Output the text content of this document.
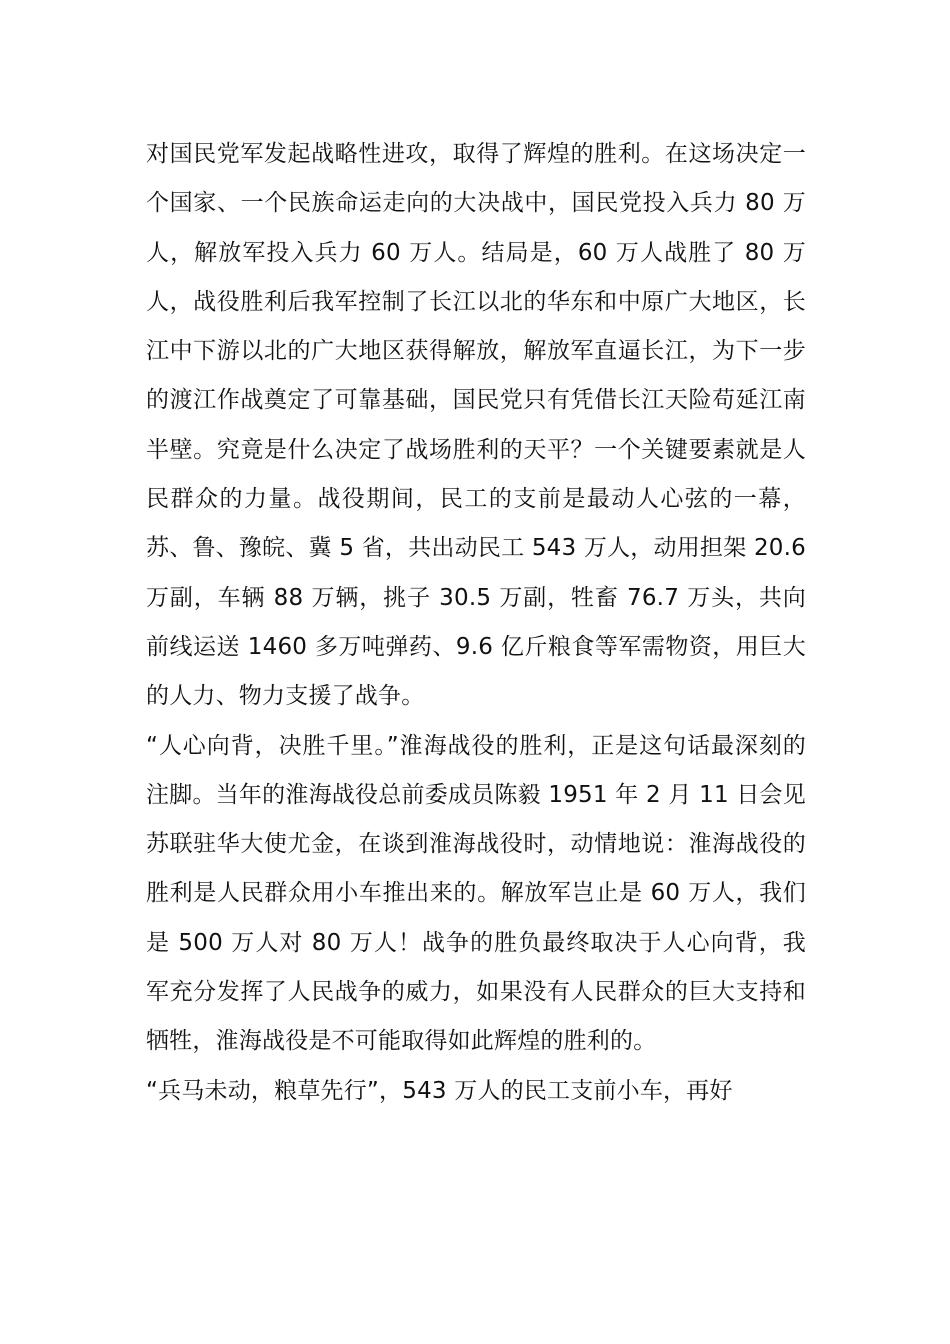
对国民党军发起战略性进攻，取得了辉煌的胜利。在这场决定一个国家、一个民族命运走向的大决战中，国民党投入兵力 80 万人，解放军投入兵力 60 万人。结局是，60 万人战胜了 80 万人，战役胜利后我军控制了长江以北的华东和中原广大地区，长江中下游以北的广大地区获得解放，解放军直逼长江，为下一步的渡江作战奠定了可靠基础，国民党只有凭借长江天险苟延江南半壁。究竟是什么决定了战场胜利的天平？一个关键要素就是人民群众的力量。战役期间，民工的支前是最动人心弦的一幕，苏、鲁、豫皖、冀 5 省，共出动民工 543 万人，动用担架 20.6 万副，车辆 88 万辆，挑子 30.5 万副，牲畜 76.7 万头，共向前线运送 1460 多万吨弹药、9.6 亿斤粮食等军需物资，用巨大的人力、物力支援了战争。

“人心向背，决胜千里。”淮海战役的胜利，正是这句话最深刻的注脚。当年的淮海战役总前委成员陈毅 1951 年 2 月 11 日会见苏联驻华大使尤金，在谈到淮海战役时，动情地说：淮海战役的胜利是人民群众用小车推出来的。解放军岂止是 60 万人，我们是 500 万人对 80 万人！战争的胜负最终取决于人心向背，我军充分发挥了人民战争的威力，如果没有人民群众的巨大支持和牺牲，淮海战役是不可能取得如此辉煌的胜利的。

“兵马未动，粮草先行”，543 万人的民工支前小车，再好
